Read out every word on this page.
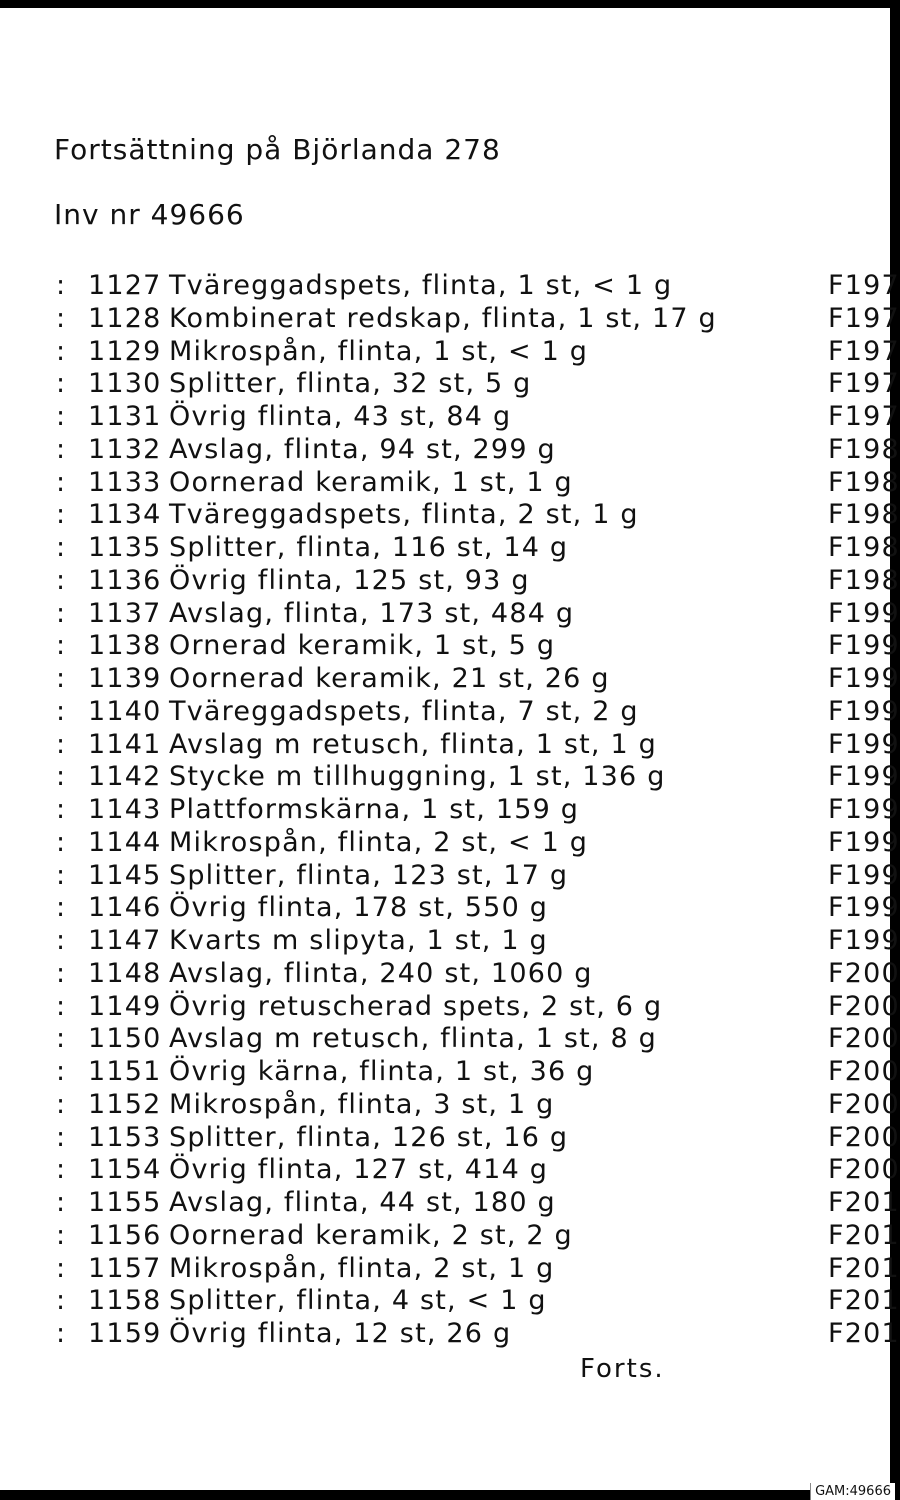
Fortsättning på Björlanda 278
Inv nr 49666
: 1127 Tväreggadspets, flinta, 1 st, < 1 g	F197
: 1128 Kombinerat redskap, flinta, 1 st, 17 g	F197
: 1129 Mikrospån, flinta, 1 st, < 1 g	F197
: 1130 Splitter, flinta, 32 st, 5 g	F197
: 1131 Övrig flinta, 43 st, 84 g	F197
: 1132 Avslag, flinta, 94 st, 299 g	F198
: 1133 Oornerad keramik, 1 st, 1 g	F198
: 1134 Tväreggadspets, flinta, 2 st, 1 g	F198
: 1135 Splitter, flinta, 116 st, 14 g	F198
: 1136 Övrig flinta, 125 st, 93 g	F198
: 1137 Avslag, flinta, 173 st, 484 g	F199
: 1138 Ornerad keramik, 1 st, 5 g	F199
: 1139 Oornerad keramik, 21 st, 26 g	F199
: 1140 Tväreggadspets, flinta, 7 st, 2 g	F199
: 1141 Avslag m retusch, flinta, 1 st, 1 g	F199
: 1142 Stycke m tillhuggning, 1 st, 136 g	F199
: 1143 Plattformskärna, 1 st, 159 g	F199
: 1144 Mikrospån, flinta, 2 st, < 1 g	F199
: 1145 Splitter, flinta, 123 st, 17 g	F199
: 1146 Övrig flinta, 178 st, 550 g	F199
: 1147 Kvarts m slipyta, 1 st, 1 g	F199
: 1148 Avslag, flinta, 240 st, 1060 g	F200
: 1149 Övrig retuscherad spets, 2 st, 6 g	F200
: 1150 Avslag m retusch, flinta, 1 st, 8 g	F200
: 1151 Övrig kärna, flinta, 1 st, 36 g	F200
: 1152 Mikrospån, flinta, 3 st, 1 g	F200
: 1153 Splitter, flinta, 126 st, 16 g	F200
: 1154 Övrig flinta, 127 st, 414 g	F200
: 1155 Avslag, flinta, 44 st, 180 g	F201
: 1156 Oornerad keramik, 2 st, 2 g	F201
: 1157 Mikrospån, flinta, 2 st, 1 g	F201
: 1158 Splitter, flinta, 4 st, < 1 g	F201
: 1159 Övrig flinta, 12 st, 26 g	F201
Forts.
GAM:49666
